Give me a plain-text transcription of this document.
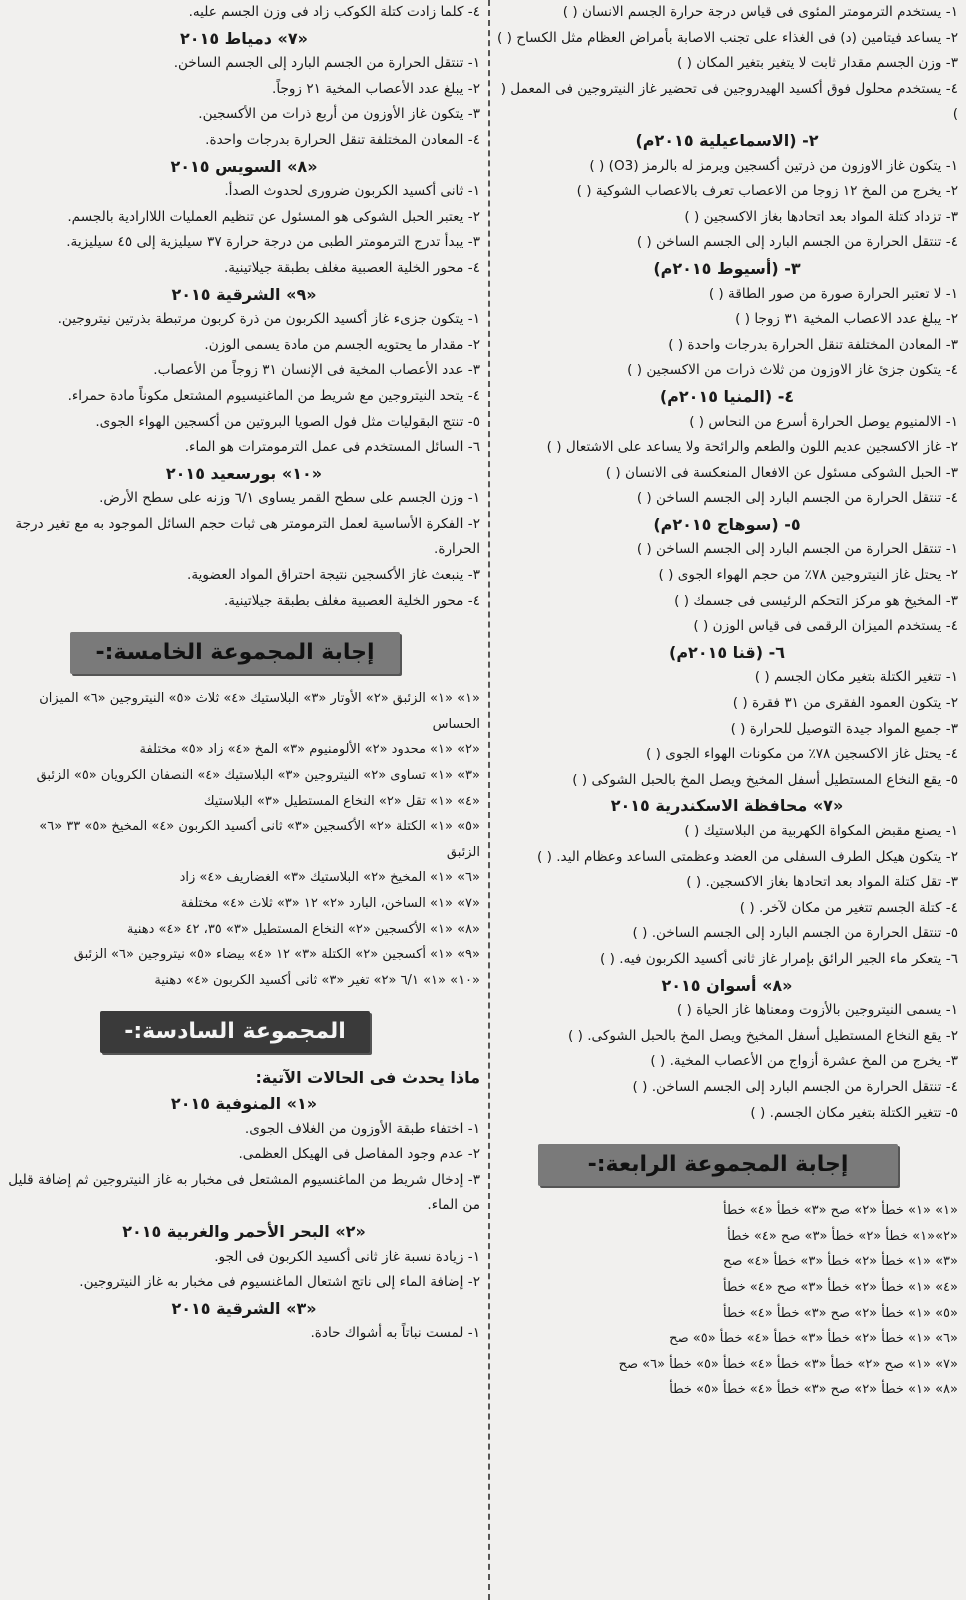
١- يستخدم الترمومتر المئوى فى قياس درجة حرارة الجسم الانسان ( )
٢- يساعد فيتامين (د) فى الغذاء على تجنب الاصابة بأمراض العظام مثل الكساح ( )
٣- وزن الجسم مقدار ثابت لا يتغير بتغير المكان ( )
٤- يستخدم محلول فوق أكسيد الهيدروجين فى تحضير غاز النيتروجين فى المعمل ( )
٢- (الاسماعيلية ٢٠١٥م)
١- يتكون غاز الاوزون من ذرتين أكسجين ويرمز له بالرمز (O3) ( )
٢- يخرج من المخ ١٢ زوجا من الاعصاب تعرف بالاعصاب الشوكية ( )
٣- تزداد كتلة المواد بعد اتحادها بغاز الاكسجين ( )
٤- تنتقل الحرارة من الجسم البارد إلى الجسم الساخن ( )
٣- (أسيوط ٢٠١٥م)
١- لا تعتبر الحرارة صورة من صور الطاقة ( )
٢- يبلغ عدد الاعصاب المخية ٣١ زوجا ( )
٣- المعادن المختلفة تنقل الحرارة بدرجات واحدة ( )
٤- يتكون جزئ غاز الاوزون من ثلاث ذرات من الاكسجين ( )
٤- (المنيا ٢٠١٥م)
١- الالمنيوم يوصل الحرارة أسرع من النحاس ( )
٢- غاز الاكسجين عديم اللون والطعم والرائحة ولا يساعد على الاشتعال ( )
٣- الحبل الشوكى مسئول عن الافعال المنعكسة فى الانسان ( )
٤- تنتقل الحرارة من الجسم البارد إلى الجسم الساخن ( )
٥- (سوهاج ٢٠١٥م)
١- تنتقل الحرارة من الجسم البارد إلى الجسم الساخن ( )
٢- يحتل غاز النيتروجين ٧٨٪ من حجم الهواء الجوى ( )
٣- المخيخ هو مركز التحكم الرئيسى فى جسمك ( )
٤- يستخدم الميزان الرقمى فى قياس الوزن ( )
٦- (قنا ٢٠١٥م)
١- تتغير الكتلة بتغير مكان الجسم ( )
٢- يتكون العمود الفقرى من ٣١ فقرة ( )
٣- جميع المواد جيدة التوصيل للحرارة ( )
٤- يحتل غاز الاكسجين ٧٨٪ من مكونات الهواء الجوى ( )
٥- يقع النخاع المستطيل أسفل المخيخ ويصل المخ بالحبل الشوكى ( )
«٧» محافظة الاسكندرية ٢٠١٥
١- يصنع مقبض المكواة الكهربية من البلاستيك ( )
٢- يتكون هيكل الطرف السفلى من العضد وعظمتى الساعد وعظام اليد. ( )
٣- تقل كتلة المواد بعد اتحادها بغاز الاكسجين. ( )
٤- كتلة الجسم تتغير من مكان لآخر. ( )
٥- تنتقل الحرارة من الجسم البارد إلى الجسم الساخن. ( )
٦- يتعكر ماء الجير الرائق بإمرار غاز ثانى أكسيد الكربون فيه. ( )
«٨» أسوان ٢٠١٥
١- يسمى النيتروجين بالأزوت ومعناها غاز الحياة ( )
٢- يقع النخاع المستطيل أسفل المخيخ ويصل المخ بالحبل الشوكى. ( )
٣- يخرج من المخ عشرة أزواج من الأعصاب المخية. ( )
٤- تنتقل الحرارة من الجسم البارد إلى الجسم الساخن. ( )
٥- تتغير الكتلة بتغير مكان الجسم. ( )
إجابة المجموعة الرابعة:-
«١» «١» خطأ «٢» صح «٣» خطأ «٤» خطأ
«٢»«١» خطأ «٢» خطأ «٣» صح «٤» خطأ
«٣» «١» خطأ «٢» خطأ «٣» خطأ «٤» صح
«٤» «١» خطأ «٢» خطأ «٣» صح «٤» خطأ
«٥» «١» خطأ «٢» صح «٣» خطأ «٤» خطأ
«٦» «١» خطأ «٢» خطأ «٣» خطأ «٤» خطأ «٥» صح
«٧» «١» صح «٢» خطأ «٣» خطأ «٤» خطأ «٥» خطأ «٦» صح
«٨» «١» خطأ «٢» صح «٣» خطأ «٤» خطأ «٥» خطأ
٤- كلما زادت كتلة الكوكب زاد فى وزن الجسم عليه.
«٧» دمياط ٢٠١٥
١- تنتقل الحرارة من الجسم البارد إلى الجسم الساخن.
٢- يبلغ عدد الأعصاب المخية ٢١ زوجاً.
٣- يتكون غاز الأوزون من أربع ذرات من الأكسجين.
٤- المعادن المختلفة تنقل الحرارة بدرجات واحدة.
«٨» السويس ٢٠١٥
١- ثانى أكسيد الكربون ضرورى لحدوث الصدأ.
٢- يعتبر الحبل الشوكى هو المسئول عن تنظيم العمليات اللاارادية بالجسم.
٣- يبدأ تدرج الترمومتر الطبى من درجة حرارة ٣٧ سيليزية إلى ٤٥ سيليزية.
٤- محور الخلية العصبية مغلف بطبقة جيلاتينية.
«٩» الشرقية ٢٠١٥
١- يتكون جزىء غاز أكسيد الكربون من ذرة كربون مرتبطة بذرتين نيتروجين.
٢- مقدار ما يحتويه الجسم من مادة يسمى الوزن.
٣- عدد الأعصاب المخية فى الإنسان ٣١ زوجاً من الأعصاب.
٤- يتحد النيتروجين مع شريط من الماغنيسيوم المشتعل مكوناً مادة حمراء.
٥- تنتج البقوليات مثل فول الصويا البروتين من أكسجين الهواء الجوى.
٦- السائل المستخدم فى عمل الترمومترات هو الماء.
«١٠» بورسعيد ٢٠١٥
١- وزن الجسم على سطح القمر يساوى ٦/١ وزنه على سطح الأرض.
٢- الفكرة الأساسية لعمل الترمومتر هى ثبات حجم السائل الموجود به مع تغير درجة الحرارة.
٣- ينبعث غاز الأكسجين نتيجة احتراق المواد العضوية.
٤- محور الخلية العصبية مغلف بطبقة جيلاتينية.
إجابة المجموعة الخامسة:-
«١» «١» الزئبق «٢» الأوتار «٣» البلاستيك «٤» ثلاث «٥» النيتروجين «٦» الميزان الحساس
«٢» «١» محدود «٢» الألومنيوم «٣» المخ «٤» زاد «٥» مختلفة
«٣» «١» تساوى «٢» النيتروجين «٣» البلاستيك «٤» النصفان الكرويان «٥» الزئبق
«٤» «١» تقل «٢» النخاع المستطيل «٣» البلاستيك
«٥» «١» الكتلة «٢» الأكسجين «٣» ثانى أكسيد الكربون «٤» المخيخ «٥» ٣٣ «٦» الزئبق
«٦» «١» المخيخ «٢» البلاستيك «٣» الغضاريف «٤» زاد
«٧» «١» الساخن، البارد «٢» ١٢ «٣» ثلاث «٤» مختلفة
«٨» «١» الأكسجين «٢» النخاع المستطيل «٣» ٣٥، ٤٢ «٤» دهنية
«٩» «١» أكسجين «٢» الكتلة «٣» ١٢ «٤» بيضاء «٥» نيتروجين «٦» الزئبق
«١٠» «١» ٦/١ «٢» تغير «٣» ثانى أكسيد الكربون «٤» دهنية
المجموعة السادسة:-
ماذا يحدث فى الحالات الآتية:
«١» المنوفية ٢٠١٥
١- اختفاء طبقة الأوزون من الغلاف الجوى.
٢- عدم وجود المفاصل فى الهيكل العظمى.
٣- إدخال شريط من الماغنسيوم المشتعل فى مخبار به غاز النيتروجين ثم إضافة قليل من الماء.
«٢» البحر الأحمر والغربية ٢٠١٥
١- زيادة نسبة غاز ثانى أكسيد الكربون فى الجو.
٢- إضافة الماء إلى ناتج اشتعال الماغنسيوم فى مخبار به غاز النيتروجين.
«٣» الشرقية ٢٠١٥
١- لمست نباتاً به أشواك حادة.
